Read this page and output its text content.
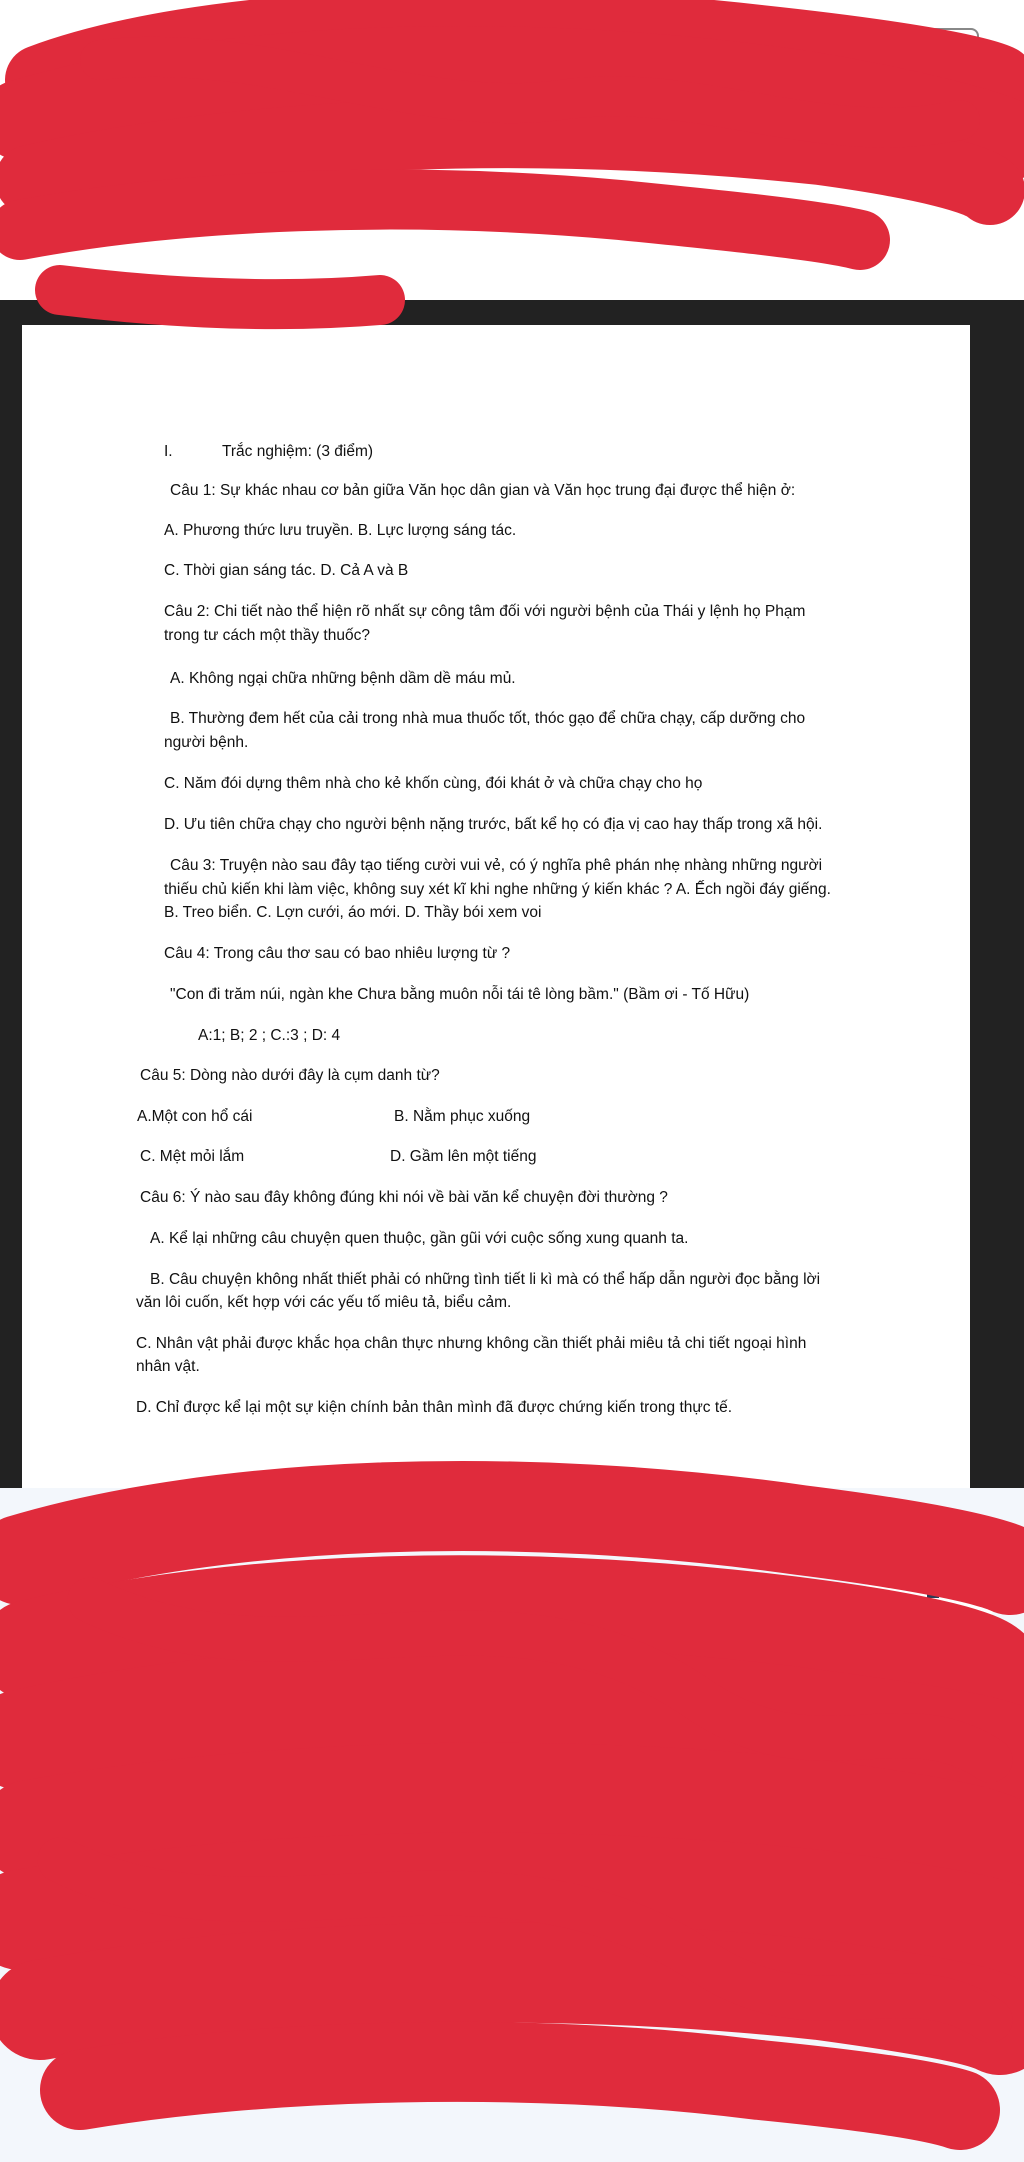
08
bài tập
I.	Trắc nghiệm: (3 điểm)
Câu 1: Sự khác nhau cơ bản giữa Văn học dân gian và Văn học trung đại được thể hiện ở:
A. Phương thức lưu truyền. B. Lực lượng sáng tác.
C. Thời gian sáng tác. D. Cả A và B
Câu 2: Chi tiết nào thể hiện rõ nhất sự công tâm đối với người bệnh của Thái y lệnh họ Phạm
trong tư cách một thầy thuốc?
A. Không ngại chữa những bệnh dầm dề máu mủ.
B. Thường đem hết của cải trong nhà mua thuốc tốt, thóc gạo để chữa chạy, cấp dưỡng cho
người bệnh.
C. Năm đói dựng thêm nhà cho kẻ khốn cùng, đói khát ở và chữa chạy cho họ
D. Ưu tiên chữa chạy cho người bệnh nặng trước, bất kể họ có địa vị cao hay thấp trong xã hội.
Câu 3: Truyện nào sau đây tạo tiếng cười vui vẻ, có ý nghĩa phê phán nhẹ nhàng những người
thiếu chủ kiến khi làm việc, không suy xét kĩ khi nghe những ý kiến khác ? A. Ếch ngồi đáy giếng.
B. Treo biển. C. Lợn cưới, áo mới. D. Thầy bói xem voi
Câu 4: Trong câu thơ sau có bao nhiêu lượng từ ?
"Con đi trăm núi, ngàn khe Chưa bằng muôn nỗi tái tê lòng bầm." (Bầm ơi - Tố Hữu)
A:1; B; 2 ; C.:3 ; D: 4
Câu 5: Dòng nào dưới đây là cụm danh từ?
A.Một con hổ cái	B. Nằm phục xuống
C. Mệt mỏi lắm	D. Gầm lên một tiếng
Câu 6: Ý nào sau đây không đúng khi nói về bài văn kể chuyện đời thường ?
A. Kể lại những câu chuyện quen thuộc, gần gũi với cuộc sống xung quanh ta.
B. Câu chuyện không nhất thiết phải có những tình tiết li kì mà có thể hấp dẫn người đọc bằng lời
văn lôi cuốn, kết hợp với các yếu tố miêu tả, biểu cảm.
C. Nhân vật phải được khắc họa chân thực nhưng không cần thiết phải miêu tả chi tiết ngoại hình
nhân vật.
D. Chỉ được kể lại một sự kiện chính bản thân mình đã được chứng kiến trong thực tế.
